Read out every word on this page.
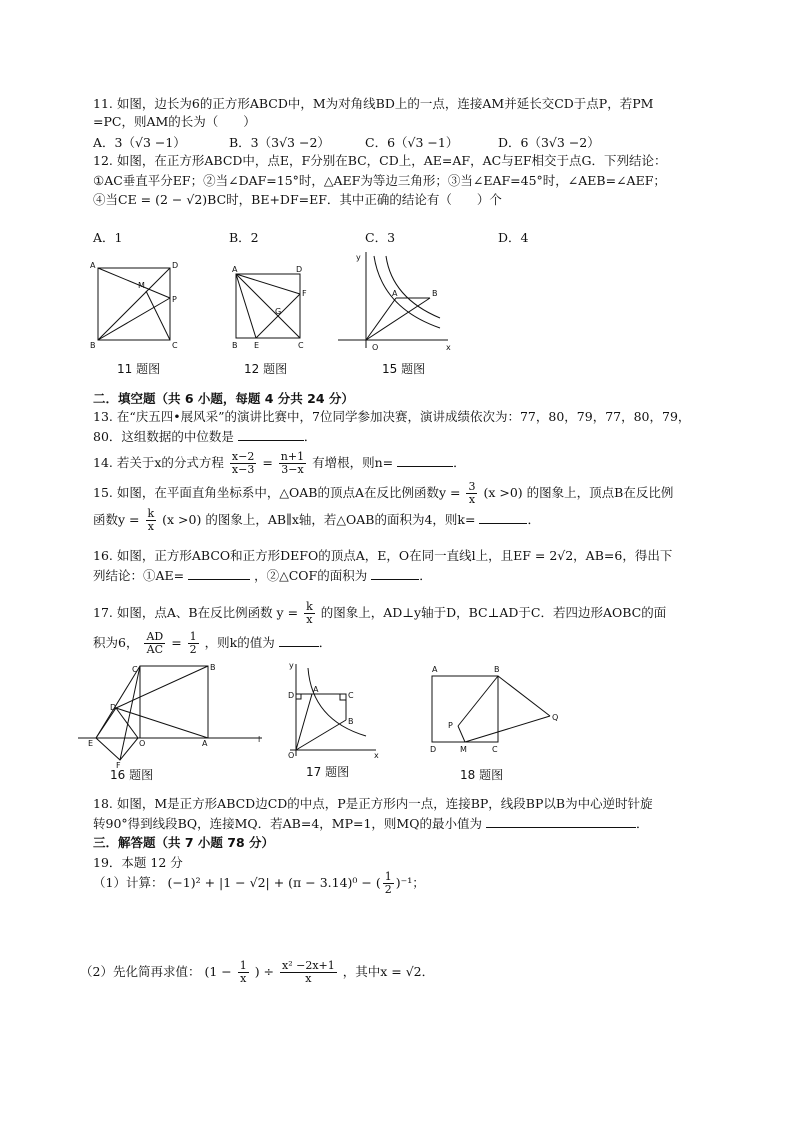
11. 如图，边长为6的正方形ABCD中，M为对角线BD上的一点，连接AM并延长交CD于点P，若PM
=PC，则AM的长为（　　）
A．3（√3 −1）	B．3（3√3 −2）	C．6（√3 −1）	D．6（3√3 −2）
12. 如图，在正方形ABCD中，点E，F分别在BC，CD上，AE=AF，AC与EF相交于点G．下列结论：
①AC垂直平分EF；②当∠DAF=15°时，△AEF为等边三角形；③当∠EAF=45°时，∠AEB=∠AEF；
④当CE = (2 − √2)BC时，BE+DF=EF．其中正确的结论有（　　）个
A．1	B．2	C．3	D．4
A	D
M
P
B	C
11 题图
A	D
F
G
B E	C
12 题图
y
A	B
O	x
15 题图
二．填空题（共 6 小题，每题 4 分共 24 分）
13. 在“庆五四•展风采”的演讲比赛中，7位同学参加决赛，演讲成绩依次为：77，80，79，77，80，79，
80．这组数据的中位数是	．
14. 若关于x的分式方程 $\frac{x-2}{x-3} = \frac{n+1}{3-x}$ 有增根，则n=	．
15. 如图，在平面直角坐标系中，△OAB的顶点A在反比例函数$y = \frac{3}{x} (x >0)$ 的图象上，顶点B在反比例
函数$y = \frac{k}{x} (x >0)$ 的图象上，AB∥x轴，若△OAB的面积为4，则k=	．
16. 如图，正方形ABCO和正方形DEFO的顶点A，E，O在同一直线l上，且EF = 2√2，AB=6，得出下
列结论：①AE=	，②△COF的面积为	．
17. 如图，点A、B在反比例函数 $y = \frac{k}{x}$ 的图象上，AD⊥y轴于D，BC⊥AD于C．若四边形AOBC的面
积为6， $\frac{AD}{AC} = \frac{1}{2}$ ，则k的值为	．
C	B
D
E	O	A	l
F
16 题图
y
D
A
C
B
O	x
17 题图
A	B
Q
P
D	M	C
18 题图
18. 如图，M是正方形ABCD边CD的中点，P是正方形内一点，连接BP，线段BP以B为中心逆时针旋
转90°得到线段BQ，连接MQ．若AB=4，MP=1，则MQ的最小值为	．
三．解答题（共 7 小题 78 分）
19．本题 12 分
（1）计算： (−1)² + |1 − √2| + (π − 3.14)⁰ − ( $\frac{1}{2} )^{-1}$；
（2）先化简再求值： ($1 - \frac{1}{x}$ ) ÷ $\frac{\text{x² −2x+1}}{x}$ ，其中x = √2．
